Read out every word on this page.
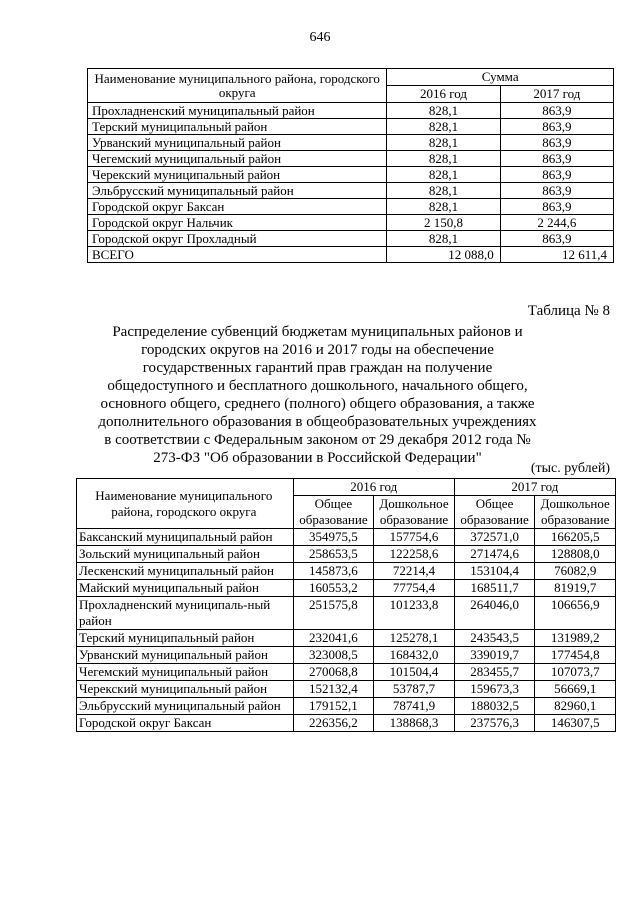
646
Наименование муниципального района, городского округа	Сумма	
	2016 год	2017 год
Прохладненский муниципальный район	828,1	863,9
Терский муниципальный район	828,1	863,9
Урванский муниципальный район	828,1	863,9
Чегемский муниципальный район	828,1	863,9
Черекский муниципальный район	828,1	863,9
Эльбрусский муниципальный район	828,1	863,9
Городской округ Баксан	828,1	863,9
Городской округ Нальчик	2 150,8	2 244,6
Городской округ Прохладный	828,1	863,9
ВСЕГО	12 088,0	12 611,4
Таблица № 8
Распределение субвенций бюджетам муниципальных районов и городских округов на 2016 и 2017 годы на обеспечение государственных гарантий прав граждан на получение общедоступного и бесплатного дошкольного, начального общего, основного общего, среднего (полного) общего образования, а также дополнительного образования в общеобразовательных учреждениях в соответствии с Федеральным законом от 29 декабря 2012 года № 273-ФЗ "Об образовании в Российской Федерации"
(тыс. рублей)
Наименование муниципального района, городского округа	2016 год		2017 год	
	Общее образование	Дошкольное образование	Общее образование	Дошкольное образование
Баксанский муниципальный район	354975,5	157754,6	372571,0	166205,5
Зольский муниципальный район	258653,5	122258,6	271474,6	128808,0
Лескенский муниципальный район	145873,6	72214,4	153104,4	76082,9
Майский муниципальный район	160553,2	77754,4	168511,7	81919,7
Прохладненский муниципаль-ный район	251575,8	101233,8	264046,0	106656,9
Терский муниципальный район	232041,6	125278,1	243543,5	131989,2
Урванский муниципальный район	323008,5	168432,0	339019,7	177454,8
Чегемский муниципальный район	270068,8	101504,4	283455,7	107073,7
Черекский муниципальный район	152132,4	53787,7	159673,3	56669,1
Эльбрусский муниципальный район	179152,1	78741,9	188032,5	82960,1
Городской округ Баксан	226356,2	138868,3	237576,3	146307,5
